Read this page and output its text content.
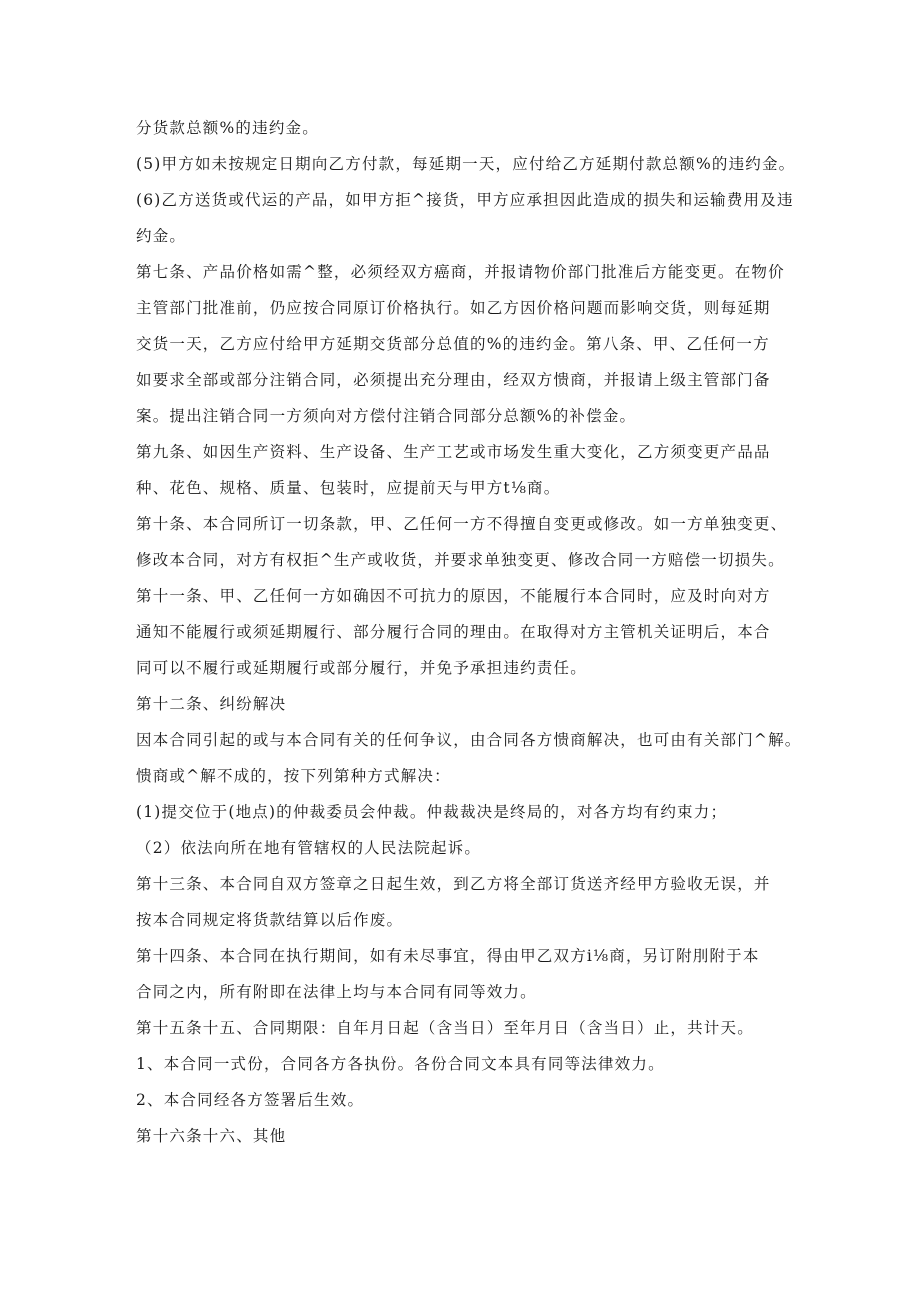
分货款总额%的违约金。
(5)甲方如未按规定日期向乙方付款，每延期一天，应付给乙方延期付款总额%的违约金。
(6)乙方送货或代运的产品，如甲方拒^接货，甲方应承担因此造成的损失和运输费用及违
约金。
第七条、产品价格如需^整，必须经双方癌商，并报请物价部门批准后方能变更。在物价
主管部门批准前，仍应按合同原订价格执行。如乙方因价格问题而影响交货，则每延期
交货一天，乙方应付给甲方延期交货部分总值的%的违约金。第八条、甲、乙任何一方
如要求全部或部分注销合同，必须提出充分理由，经双方愦商，并报请上级主管部门备
案。提出注销合同一方须向对方偿付注销合同部分总额%的补偿金。
第九条、如因生产资料、生产设备、生产工艺或市场发生重大变化，乙方须变更产品品
种、花色、规格、质量、包装时，应提前天与甲方t⅛商。
第十条、本合同所订一切条款，甲、乙任何一方不得擅自变更或修改。如一方单独变更、
修改本合同，对方有权拒^生产或收货，并要求单独变更、修改合同一方赔偿一切损失。
第十一条、甲、乙任何一方如确因不可抗力的原因，不能履行本合同时，应及时向对方
通知不能履行或须延期履行、部分履行合同的理由。在取得对方主管机关证明后，本合
同可以不履行或延期履行或部分履行，并免予承担违约责任。
第十二条、纠纷解决
因本合同引起的或与本合同有关的任何争议，由合同各方愦商解决，也可由有关部门^解。
愦商或^解不成的，按下列第种方式解决：
(1)提交位于(地点)的仲裁委员会仲裁。仲裁裁决是终局的，对各方均有约束力；
（2）依法向所在地有管辖权的人民法院起诉。
第十三条、本合同自双方签章之日起生效，到乙方将全部订货送齐经甲方验收无误，并
按本合同规定将货款结算以后作废。
第十四条、本合同在执行期间，如有未尽事宜，得由甲乙双方i⅛商，另订附刖附于本
合同之内，所有附即在法律上均与本合同有同等效力。
第十五条十五、合同期限：自年月日起（含当日）至年月日（含当日）止，共计天。
1、本合同一式份，合同各方各执份。各份合同文本具有同等法律效力。
2、本合同经各方签署后生效。
第十六条十六、其他
